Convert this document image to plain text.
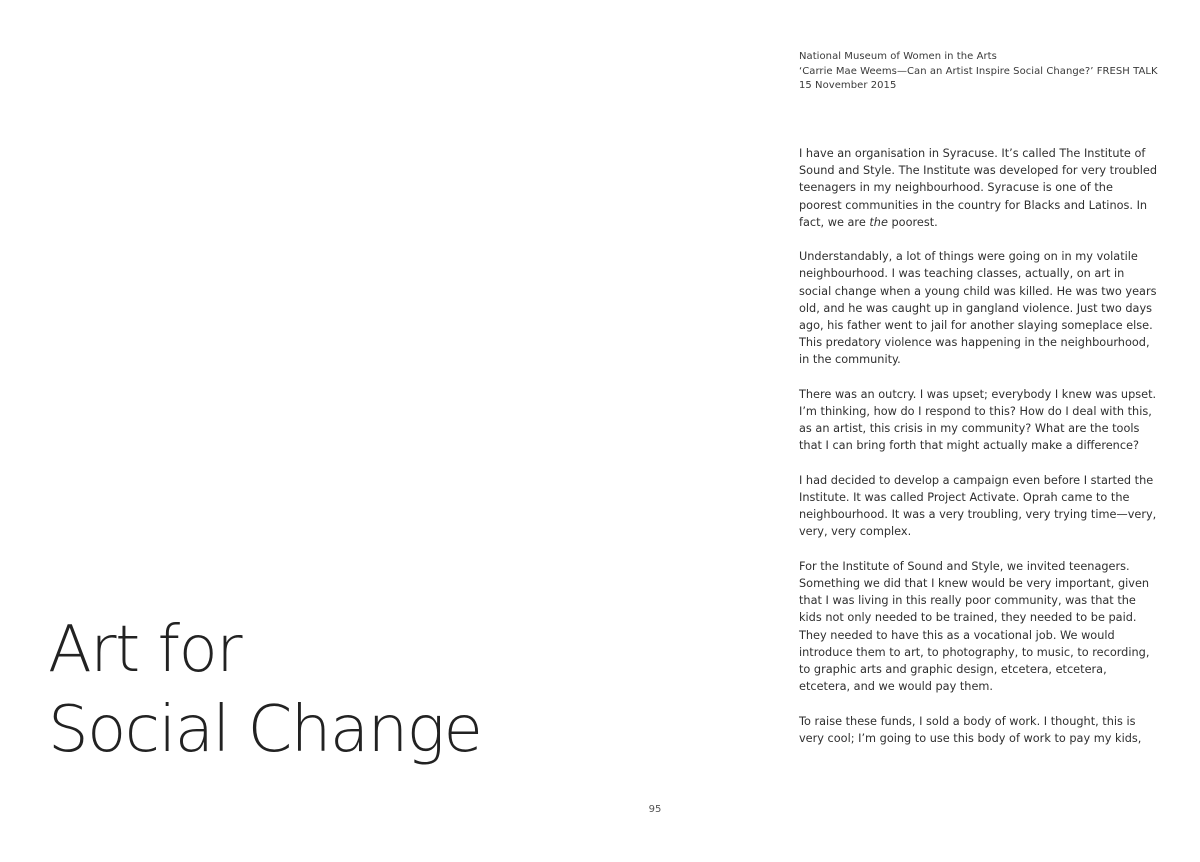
Art for
Social Change
National Museum of Women in the Arts
‘Carrie Mae Weems—Can an Artist Inspire Social Change?’ FRESH TALK
15 November 2015

I have an organisation in Syracuse. It’s called The Institute of Sound and Style. The Institute was developed for very troubled teenagers in my neighbourhood. Syracuse is one of the poorest communities in the country for Blacks and Latinos. In fact, we are the poorest.

Understandably, a lot of things were going on in my volatile neighbourhood. I was teaching classes, actually, on art in social change when a young child was killed. He was two years old, and he was caught up in gangland violence. Just two days ago, his father went to jail for another slaying someplace else. This predatory violence was happening in the neighbourhood, in the community.

There was an outcry. I was upset; everybody I knew was upset. I’m thinking, how do I respond to this? How do I deal with this, as an artist, this crisis in my community? What are the tools that I can bring forth that might actually make a difference?

I had decided to develop a campaign even before I started the Institute. It was called Project Activate. Oprah came to the neighbourhood. It was a very troubling, very trying time—very, very, very complex.

For the Institute of Sound and Style, we invited teenagers. Something we did that I knew would be very important, given that I was living in this really poor community, was that the kids not only needed to be trained, they needed to be paid. They needed to have this as a vocational job. We would introduce them to art, to photography, to music, to recording, to graphic arts and graphic design, etcetera, etcetera, etcetera, and we would pay them.

To raise these funds, I sold a body of work. I thought, this is very cool; I’m going to use this body of work to pay my kids,

95
